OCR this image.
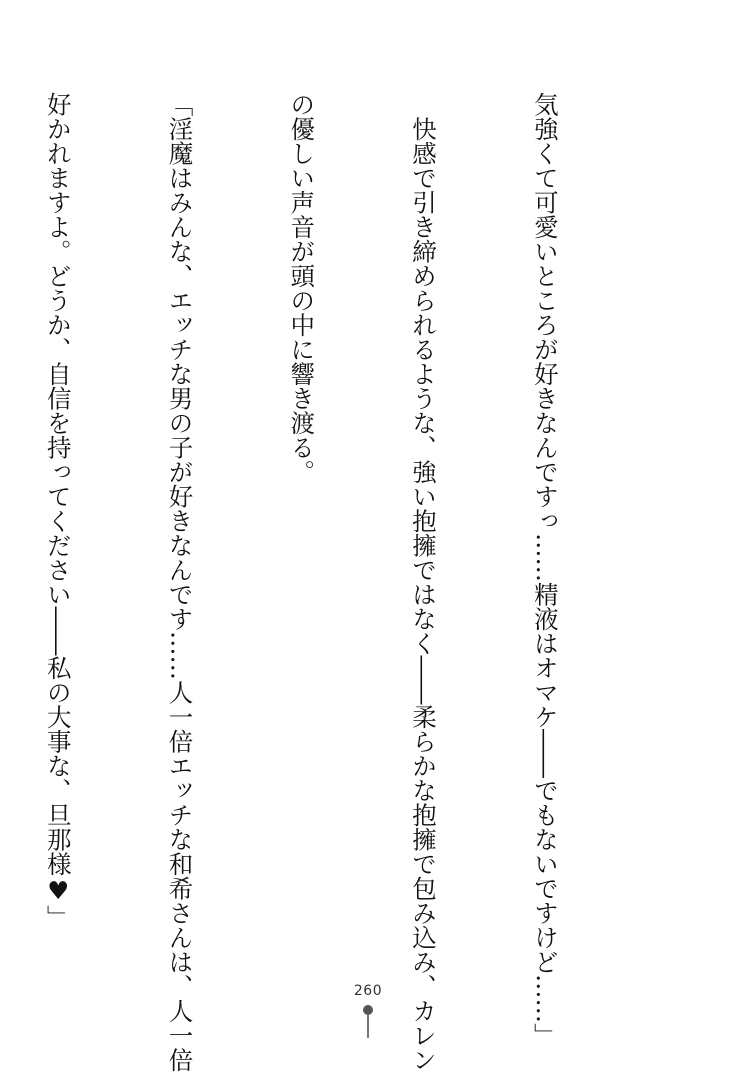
気強くて可愛いところが好きなんですっ……精液はオマケ――でもないですけど……」

　快感で引き締められるような、強い抱擁ではなく――柔らかな抱擁で包み込み、カレン

の優しい声音が頭の中に響き渡る。

「淫魔はみんな、エッチな男の子が好きなんです……人一倍エッチな和希さんは、人一倍

好かれますよ。どうか、自信を持ってください――私の大事な、旦那様♥」

260
